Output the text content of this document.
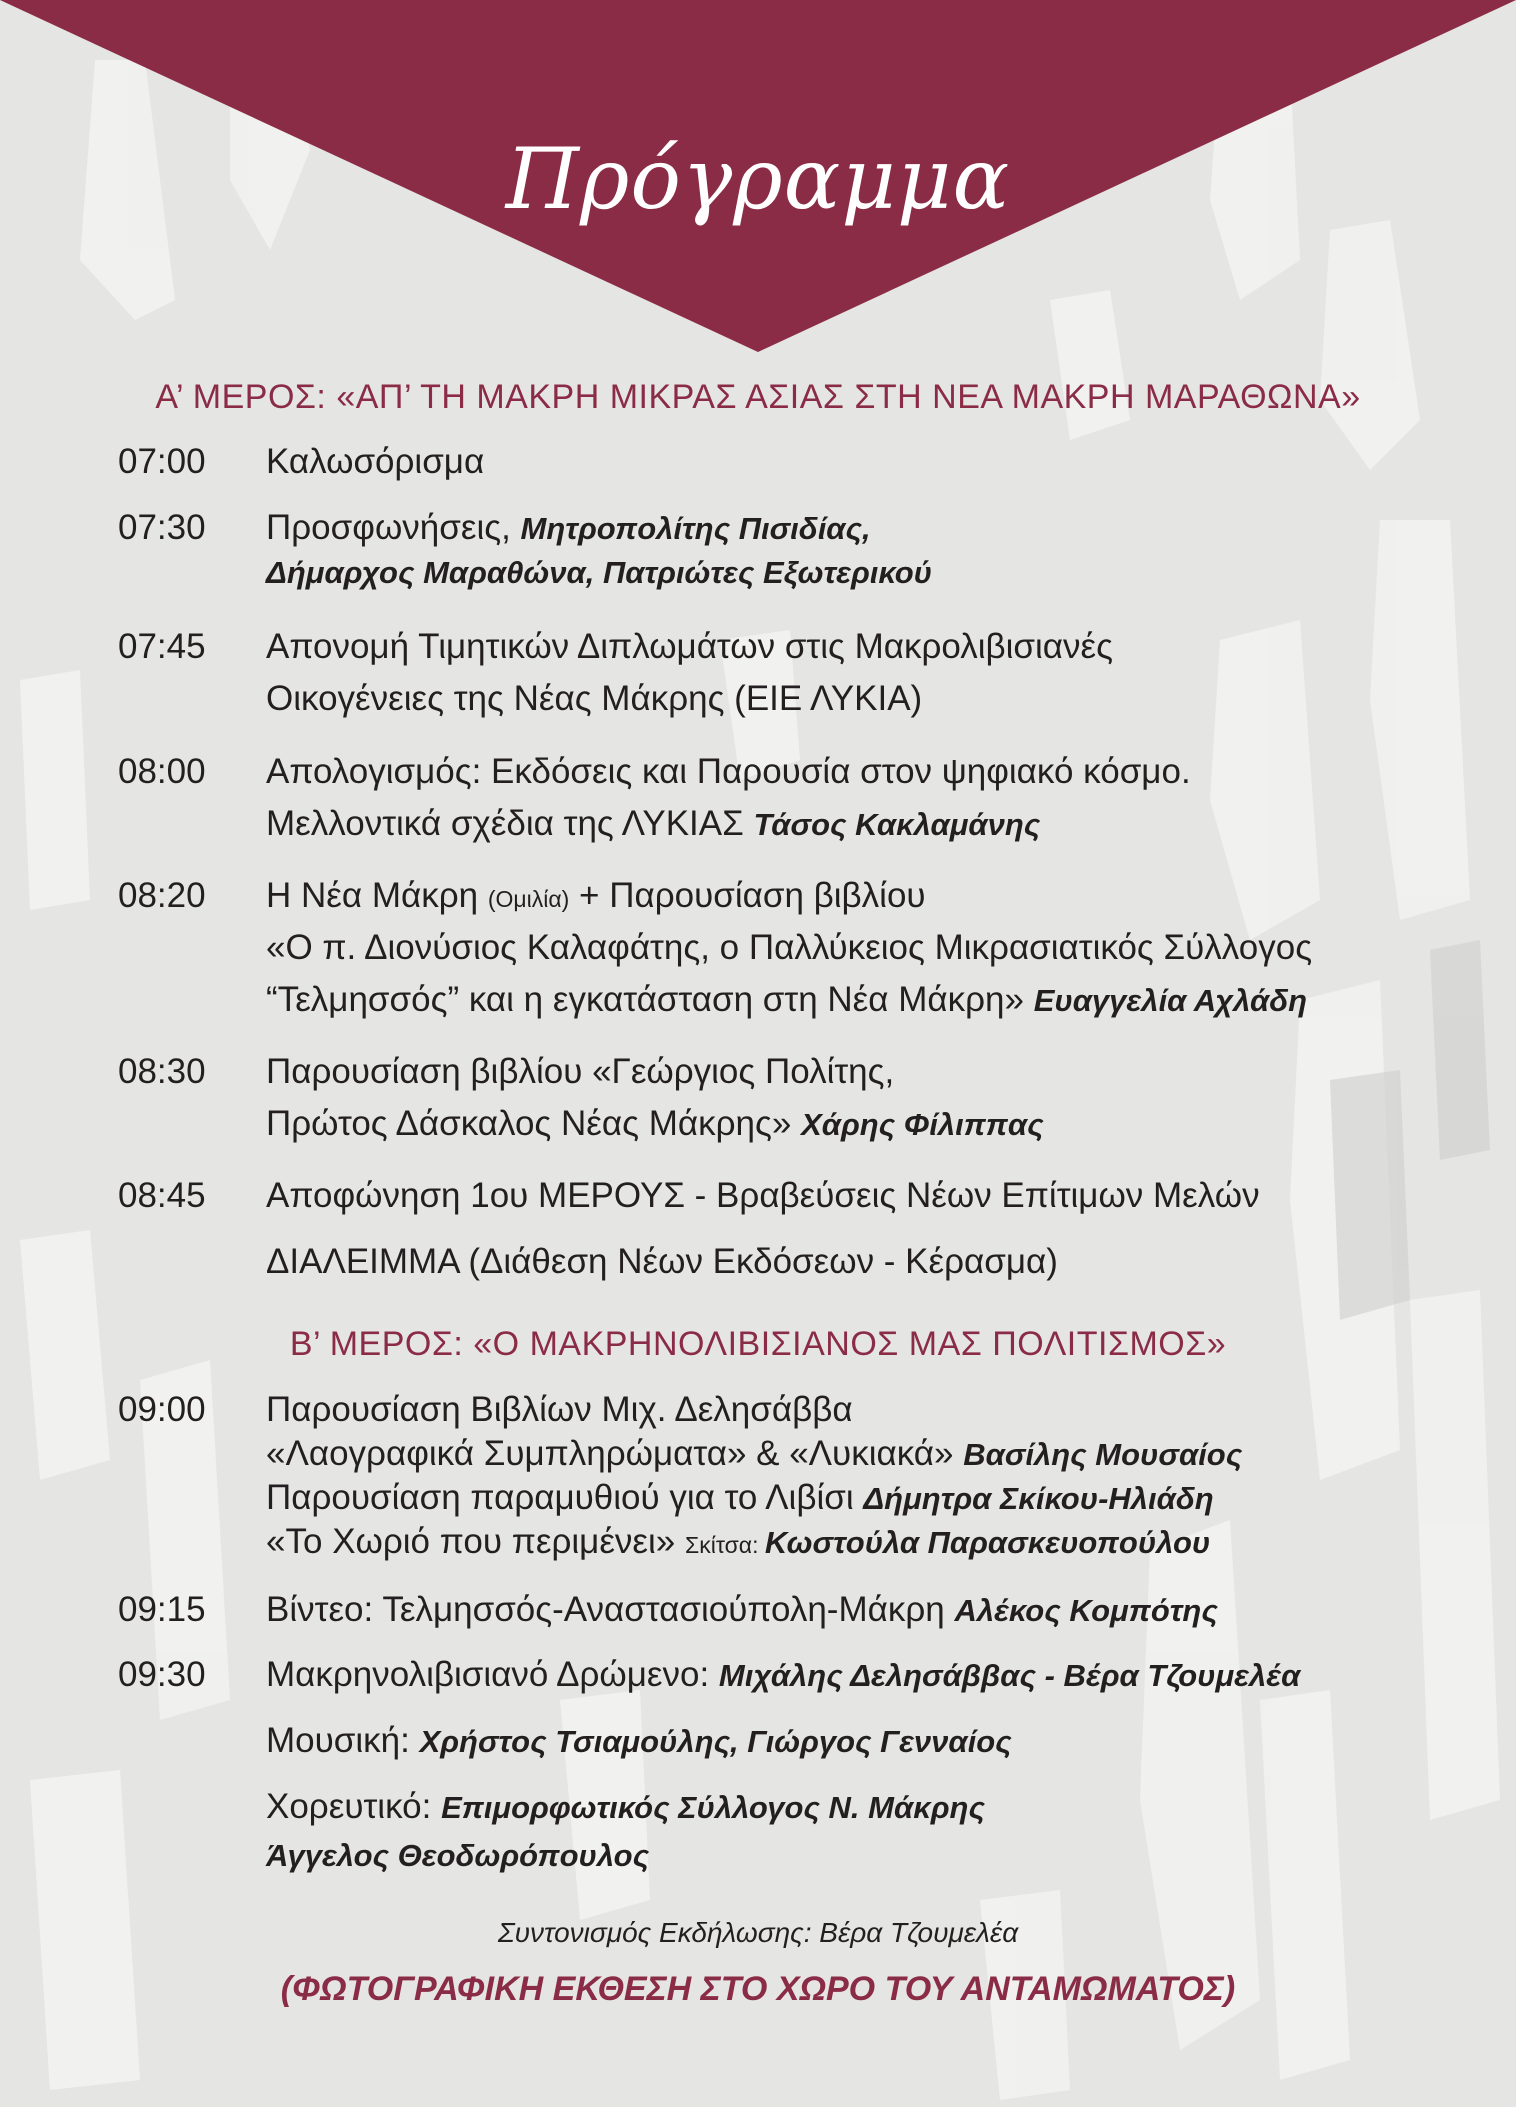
Πρόγραμμα
Α’ ΜΕΡΟΣ: «ΑΠ’ ΤΗ ΜΑΚΡΗ ΜΙΚΡΑΣ ΑΣΙΑΣ ΣΤΗ ΝΕΑ ΜΑΚΡΗ ΜΑΡΑΘΩΝΑ»
07:00 Καλωσόρισμα
07:30 Προσφωνήσεις, Μητροπολίτης Πισιδίας,
Δήμαρχος Μαραθώνα, Πατριώτες Εξωτερικού
07:45 Απονομή Τιμητικών Διπλωμάτων στις Μακρολιβισιανές
Οικογένειες της Νέας Μάκρης (ΕΙΕ ΛΥΚΙΑ)
08:00 Απολογισμός: Εκδόσεις και Παρουσία στον ψηφιακό κόσμο.
Μελλοντικά σχέδια της ΛΥΚΙΑΣ Τάσος Κακλαμάνης
08:20 Η Νέα Μάκρη (Ομιλία) + Παρουσίαση βιβλίου
«Ο π. Διονύσιος Καλαφάτης, ο Παλλύκειος Μικρασιατικός Σύλλογος
“Τελμησσός” και η εγκατάσταση στη Νέα Μάκρη» Ευαγγελία Αχλάδη
08:30 Παρουσίαση βιβλίου «Γεώργιος Πολίτης,
Πρώτος Δάσκαλος Νέας Μάκρης» Χάρης Φίλιππας
08:45 Αποφώνηση 1ου ΜΕΡΟΥΣ - Βραβεύσεις Νέων Επίτιμων Μελών
ΔΙΑΛΕΙΜΜΑ (Διάθεση Νέων Εκδόσεων - Κέρασμα)
Β’ ΜΕΡΟΣ: «Ο ΜΑΚΡΗΝΟΛΙΒΙΣΙΑΝΟΣ ΜΑΣ ΠΟΛΙΤΙΣΜΟΣ»
09:00 Παρουσίαση Βιβλίων Μιχ. Δελησάββα
«Λαογραφικά Συμπληρώματα» & «Λυκιακά» Βασίλης Μουσαίος
Παρουσίαση παραμυθιού για το Λιβίσι Δήμητρα Σκίκου-Ηλιάδη
«Το Χωριό που περιμένει» Σκίτσα: Κωστούλα Παρασκευοπούλου
09:15 Βίντεο: Τελμησσός-Αναστασιούπολη-Μάκρη Αλέκος Κομπότης
09:30 Μακρηνολιβισιανό Δρώμενο: Μιχάλης Δελησάββας - Βέρα Τζουμελέα
Μουσική: Χρήστος Τσιαμούλης, Γιώργος Γενναίος
Χορευτικό: Επιμορφωτικός Σύλλογος Ν. Μάκρης
Άγγελος Θεοδωρόπουλος
Συντονισμός Εκδήλωσης: Βέρα Τζουμελέα
(ΦΩΤΟΓΡΑΦΙΚΗ ΕΚΘΕΣΗ ΣΤΟ ΧΩΡΟ ΤΟΥ ΑΝΤΑΜΩΜΑΤΟΣ)
